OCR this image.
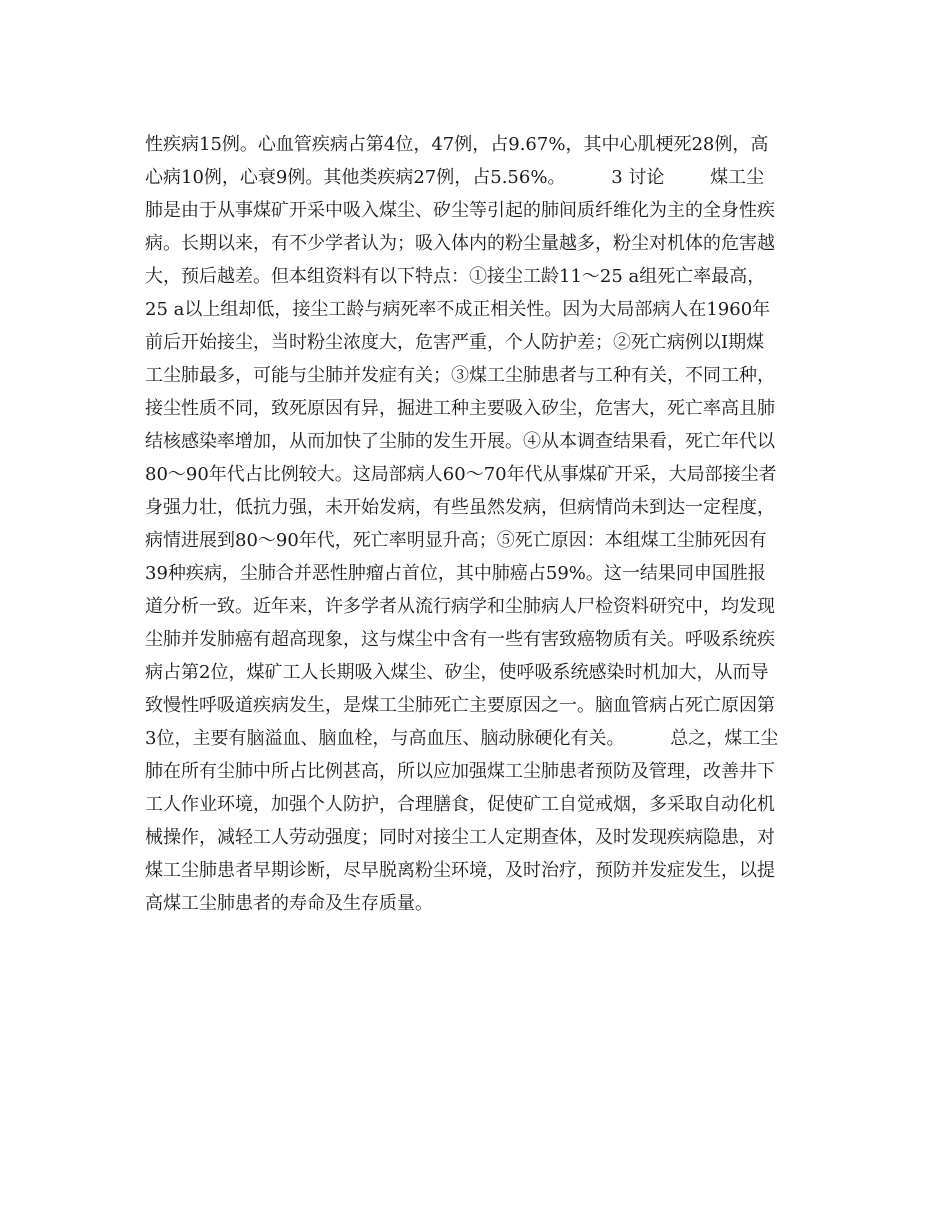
性疾病15例。心血管疾病占第4位，47例，占9.67%，其中心肌梗死28例，高
心病10例，心衰9例。其他类疾病27例，占5.56%。        3 讨论        煤工尘
肺是由于从事煤矿开采中吸入煤尘、矽尘等引起的肺间质纤维化为主的全身性疾
病。长期以来，有不少学者认为；吸入体内的粉尘量越多，粉尘对机体的危害越
大，预后越差。但本组资料有以下特点：①接尘工龄11～25 a组死亡率最高，
25 a以上组却低，接尘工龄与病死率不成正相关性。因为大局部病人在1960年
前后开始接尘，当时粉尘浓度大，危害严重，个人防护差；②死亡病例以Ⅰ期煤
工尘肺最多，可能与尘肺并发症有关；③煤工尘肺患者与工种有关，不同工种，
接尘性质不同，致死原因有异，掘进工种主要吸入矽尘，危害大，死亡率高且肺
结核感染率增加，从而加快了尘肺的发生开展。④从本调查结果看，死亡年代以
80～90年代占比例较大。这局部病人60～70年代从事煤矿开采，大局部接尘者
身强力壮，低抗力强，未开始发病，有些虽然发病，但病情尚未到达一定程度，
病情进展到80～90年代，死亡率明显升高；⑤死亡原因：本组煤工尘肺死因有
39种疾病，尘肺合并恶性肿瘤占首位，其中肺癌占59%。这一结果同申国胜报
道分析一致。近年来，许多学者从流行病学和尘肺病人尸检资料研究中，均发现
尘肺并发肺癌有超高现象，这与煤尘中含有一些有害致癌物质有关。呼吸系统疾
病占第2位，煤矿工人长期吸入煤尘、矽尘，使呼吸系统感染时机加大，从而导
致慢性呼吸道疾病发生，是煤工尘肺死亡主要原因之一。脑血管病占死亡原因第
3位，主要有脑溢血、脑血栓，与高血压、脑动脉硬化有关。        总之，煤工尘
肺在所有尘肺中所占比例甚高，所以应加强煤工尘肺患者预防及管理，改善井下
工人作业环境，加强个人防护，合理膳食，促使矿工自觉戒烟，多采取自动化机
械操作，减轻工人劳动强度；同时对接尘工人定期查体，及时发现疾病隐患，对
煤工尘肺患者早期诊断，尽早脱离粉尘环境，及时治疗，预防并发症发生，以提
高煤工尘肺患者的寿命及生存质量。
